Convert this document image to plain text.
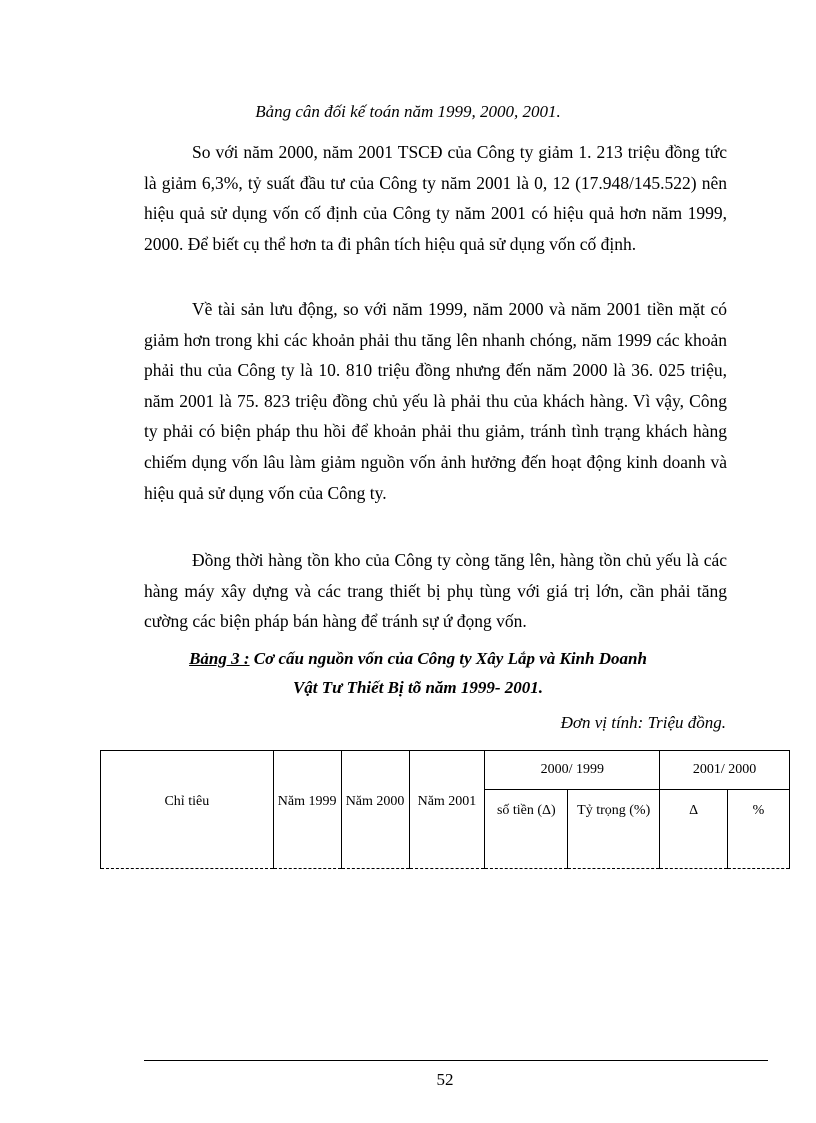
Bảng cân đối kế toán năm 1999, 2000, 2001.

So với năm 2000, năm 2001 TSCĐ của Công ty giảm 1. 213 triệu đồng tức là giảm 6,3%, tỷ suất đầu tư của Công ty năm 2001 là 0, 12 (17.948/145.522) nên hiệu quả sử dụng vốn cố định của Công ty năm 2001 có hiệu quả hơn năm 1999, 2000. Để biết cụ thể hơn ta đi phân tích hiệu quả sử dụng vốn cố định.

Về tài sản lưu động, so với năm 1999, năm 2000 và năm 2001 tiền mặt có giảm hơn trong khi các khoản phải thu tăng lên nhanh chóng, năm 1999 các khoản phải thu của Công ty là 10. 810 triệu đồng nhưng đến năm 2000 là 36. 025 triệu, năm 2001 là 75. 823 triệu đồng chủ yếu là phải thu của khách hàng. Vì vậy, Công ty phải có biện pháp thu hồi để khoản phải thu giảm, tránh tình trạng khách hàng chiếm dụng vốn lâu làm giảm nguồn vốn ảnh hưởng đến hoạt động kinh doanh và hiệu quả sử dụng vốn của Công ty.

Đồng thời hàng tồn kho của Công ty còng tăng lên, hàng tồn chủ yếu là các hàng máy xây dựng và các trang thiết bị phụ tùng với giá trị lớn, cần phải tăng cường các biện pháp bán hàng để tránh sự ứ đọng vốn.

Bảng 3 : Cơ cấu nguồn vốn của Công ty Xây Lắp và Kinh Doanh
Vật Tư Thiết Bị tõ năm 1999- 2001.
Đơn vị tính: Triệu đồng.
Chỉ tiêu	Năm 1999	Năm 2000	Năm 2001	2000/ 1999		2001/ 2000	
				số tiền (Δ)	Tỷ trọng (%)	Δ	%
52
